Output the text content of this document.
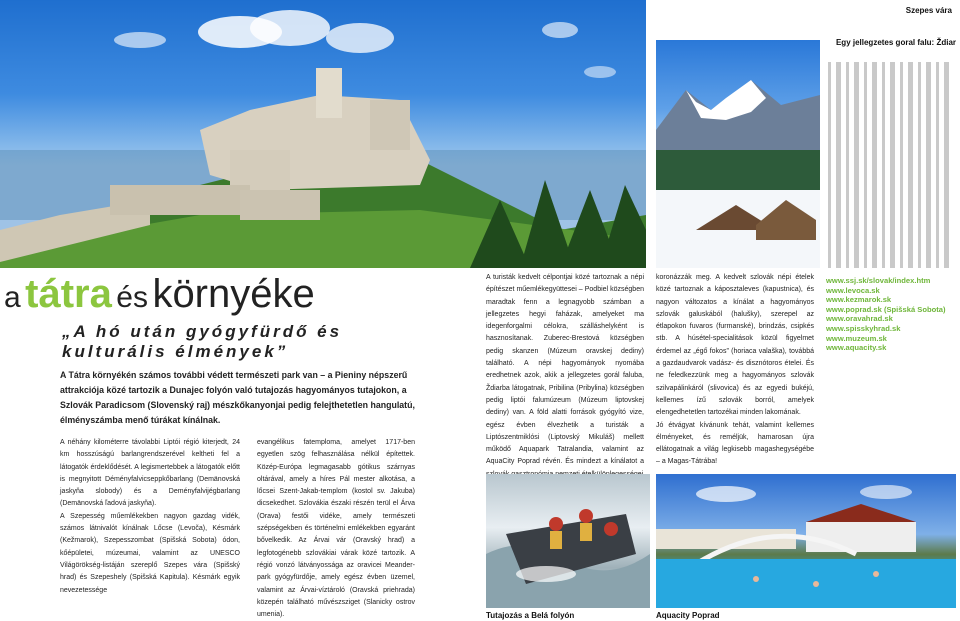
Szepes vára
Egy jellegzetes goral falu: Ždiar
a tátra és környéke
„A hó után gyógyfürdő és
kulturális élmények”
A Tátra környékén számos további védett természeti park van – a Pieniny népszerű attrakciója közé tartozik a Dunajec folyón való tutajozás hagyományos tutajokon, a Szlovák Paradicsom (Slovenský raj) mészkőkanyonjai pedig felejthetetlen hangulatú, élményszámba menő túrákat kínálnak.

A néhány kilométerre távolabbi Liptói régió kiterjedt, 24 km hosszúságú barlangrendszerével keltheti fel a látogatók érdeklődését. A legismertebbek a látogatók előtt is megnyitott Déményfalvicseppkőbarlang (Demänovská jaskyňa slobody) és a Deményfalvijégbarlang (Demänovská ľadová jaskyňa).

A Szepesség műemlékekben nagyon gazdag vidék, számos látnivalót kínálnak Lőcse (Levoča), Késmárk (Kežmarok), Szepesszombat (Spišská Sobota) ódon, kőépületei, múzeumai, valamint az UNESCO Világörökség-listáján szereplő Szepes vára (Spišský hrad) és Szepeshely (Spišská Kapitula). Késmárk egyik nevezetessége

evangélikus fatemploma, amelyet 1717-ben egyetlen szög felhasználása nélkül építettek. Közép-Európa legmagasabb gótikus szárnyas oltárával, amely a híres Pál mester alkotása, a lőcsei Szent-Jakab-templom (kostol sv. Jakuba) dicsekedhet. Szlovákia északi részén terül el Árva (Orava) festői vidéke, amely természeti szépségekben és történelmi emlékekben egyaránt bővelkedik. Az Árvai vár (Oravský hrad) a legfotogénebb szlovákiai várak közé tartozik. A régió vonzó látványossága az oravicei Meanderpark gyógyfürdője, amely egész évben üzemel, valamint az Árvai-víztároló (Oravská priehrada) közepén található művészsziget (Slanicky ostrov umenia).

A turisták kedvelt célpontjai közé tartoznak a népi építészet műemlékegyüttesei – Podbiel községben maradtak fenn a legnagyobb számban a jellegzetes hegyi faházak, amelyeket ma idegenforgalmi célokra, szálláshelyként is hasznosítanak. Zuberec-Brestová községben pedig skanzen (Múzeum oravskej dediny) található. A népi hagyományok nyomába eredhetnek azok, akik a jellegzetes gorál faluba, Ždiarba látogatnak, Pribilina (Pribylina) községben pedig liptói falumúzeum (Múzeum liptovskej dediny) van. A föld alatti források gyógyító vize, egész évben élvezhetik a turisták a Liptószentmiklósi (Liptovský Mikuláš) mellett működő Aquapark Tatralandia, valamint az AquaCity Poprad révén. És mindezt a kínálatot a

koronázzák meg. A kedvelt szlovák népi ételek közé tartoznak a káposztaleves (kapustnica), és nagyon változatos a kínálat a hagyományos szlovák galuskából (halušky), szerepel az étlapokon fuvaros (furmanské), brindzás, csipkés stb. A húsétel-specialitások közül figyelmet érdemel az „égő fokos” (horiaca valaška), továbbá a gazdaudvarok vadász- és disznótoros ételei. És ne feledkezzünk meg a hagyományos szlovák szilvapálinkáról (slivovica) és az egyedi bukéjú, kellemes ízű szlovák borról, amelyek elengedhetetlen tartozékai minden lakomának.

Jó étvágyat kívánunk tehát, valamint kellemes élményeket, és reméljük, hamarosan újra ellátogatnak a világ legkisebb magashegységébe – a Magas-Tátrába!

www.ssj.sk/slovak/index.htm
www.levoca.sk
www.kezmarok.sk
www.poprad.sk (Spišská Sobota)
www.oravahrad.sk
www.spisskyhrad.sk
www.muzeum.sk
www.aquacity.sk
Tutajozás a Belá folyón	Aquacity Poprad
